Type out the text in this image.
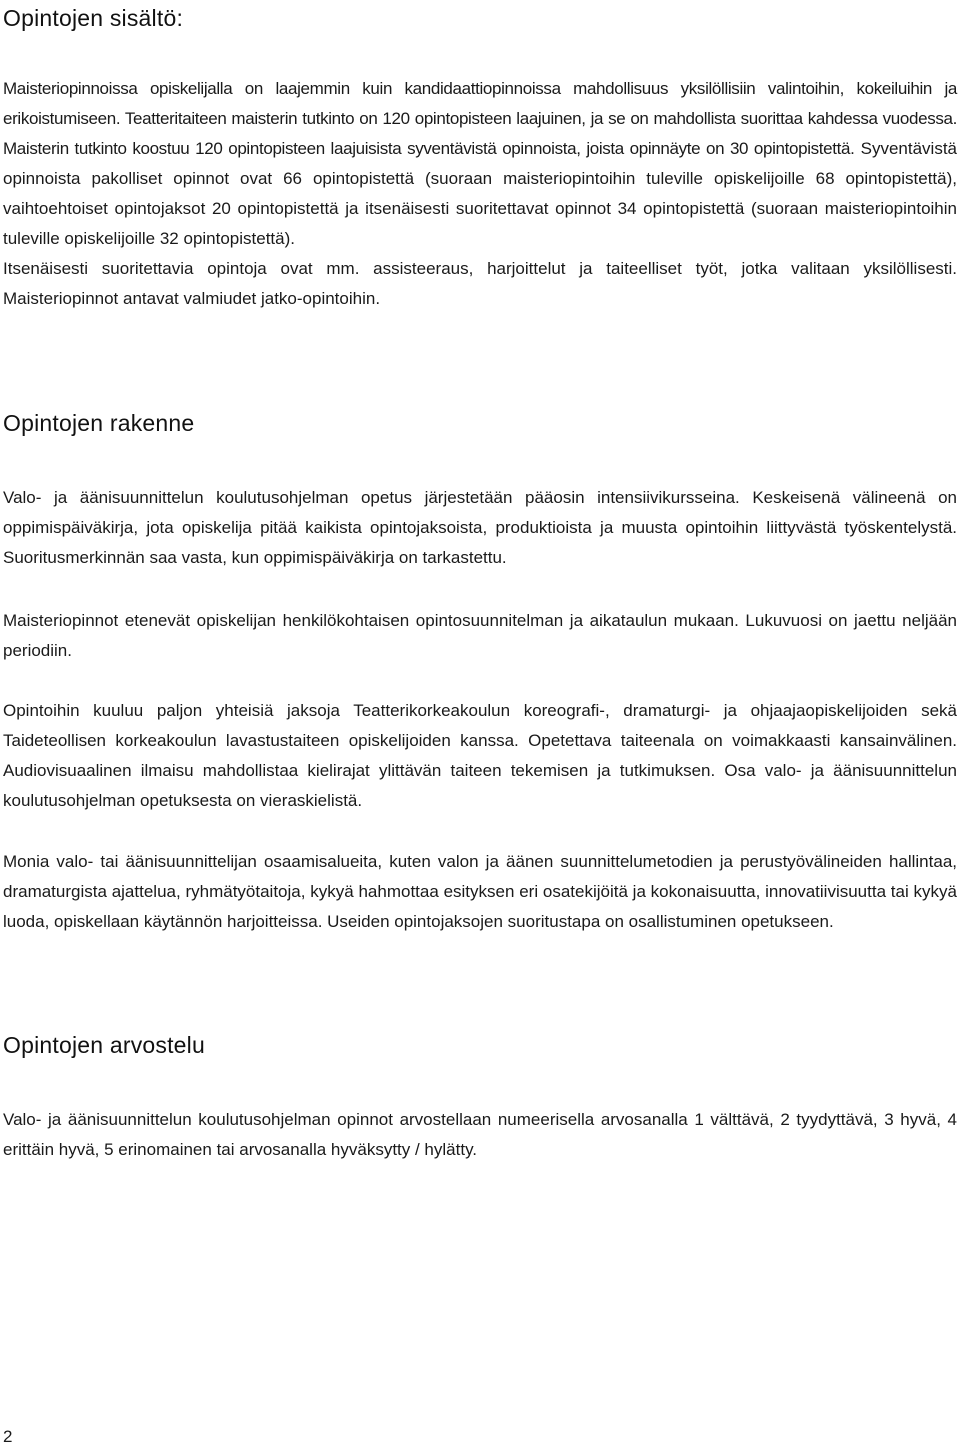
Opintojen sisältö:

Maisteriopinnoissa opiskelijalla on laajemmin kuin kandidaattiopinnoissa mahdollisuus yksilöllisiin valintoihin, kokeiluihin ja erikoistumiseen. Teatteritaiteen maisterin tutkinto on 120 opintopisteen laajuinen, ja se on mahdollista suorittaa kahdessa vuodessa. Maisterin tutkinto koostuu 120 opintopisteen laajuisista syventävistä opinnoista, joista opinnäyte on 30 opintopistettä. Syventävistä opinnoista pakolliset opinnot ovat 66 opintopistettä (suoraan maisteriopintoihin tuleville opiskelijoille 68 opintopistettä), vaihtoehtoiset opintojaksot 20 opintopistettä ja itsenäisesti suoritettavat opinnot 34 opintopistettä (suoraan maisteriopintoihin tuleville opiskelijoille 32 opintopistettä).
Itsenäisesti suoritettavia opintoja ovat mm. assisteeraus, harjoittelut ja taiteelliset työt, jotka valitaan yksilöllisesti. Maisteriopinnot antavat valmiudet jatko-opintoihin.

Opintojen rakenne

Valo- ja äänisuunnittelun koulutusohjelman opetus järjestetään pääosin intensiivikursseina. Keskeisenä välineenä on oppimispäiväkirja, jota opiskelija pitää kaikista opintojaksoista, produktioista ja muusta opintoihin liittyvästä työskentelystä. Suoritusmerkinnän saa vasta, kun oppimispäiväkirja on tarkastettu.

Maisteriopinnot etenevät opiskelijan henkilökohtaisen opintosuunnitelman ja aikataulun mukaan. Lukuvuosi on jaettu neljään periodiin.

Opintoihin kuuluu paljon yhteisiä jaksoja Teatterikorkeakoulun koreografi-, dramaturgi- ja ohjaajaopiskelijoiden sekä Taideteollisen korkeakoulun lavastustaiteen opiskelijoiden kanssa. Opetettava taiteenala on voimakkaasti kansainvälinen. Audiovisuaalinen ilmaisu mahdollistaa kielirajat ylittävän taiteen tekemisen ja tutkimuksen. Osa valo- ja äänisuunnittelun koulutusohjelman opetuksesta on vieraskielistä.

Monia valo- tai äänisuunnittelijan osaamisalueita, kuten valon ja äänen suunnittelumetodien ja perustyövälineiden hallintaa, dramaturgista ajattelua, ryhmätyötaitoja, kykyä hahmottaa esityksen eri osatekijöitä ja kokonaisuutta, innovatiivisuutta tai kykyä luoda, opiskellaan käytännön harjoitteissa. Useiden opintojaksojen suoritustapa on osallistuminen opetukseen.

Opintojen arvostelu

Valo- ja äänisuunnittelun koulutusohjelman opinnot arvostellaan numeerisella arvosanalla 1 välttävä, 2 tyydyttävä, 3 hyvä, 4 erittäin hyvä, 5 erinomainen tai arvosanalla hyväksytty / hylätty.

2
